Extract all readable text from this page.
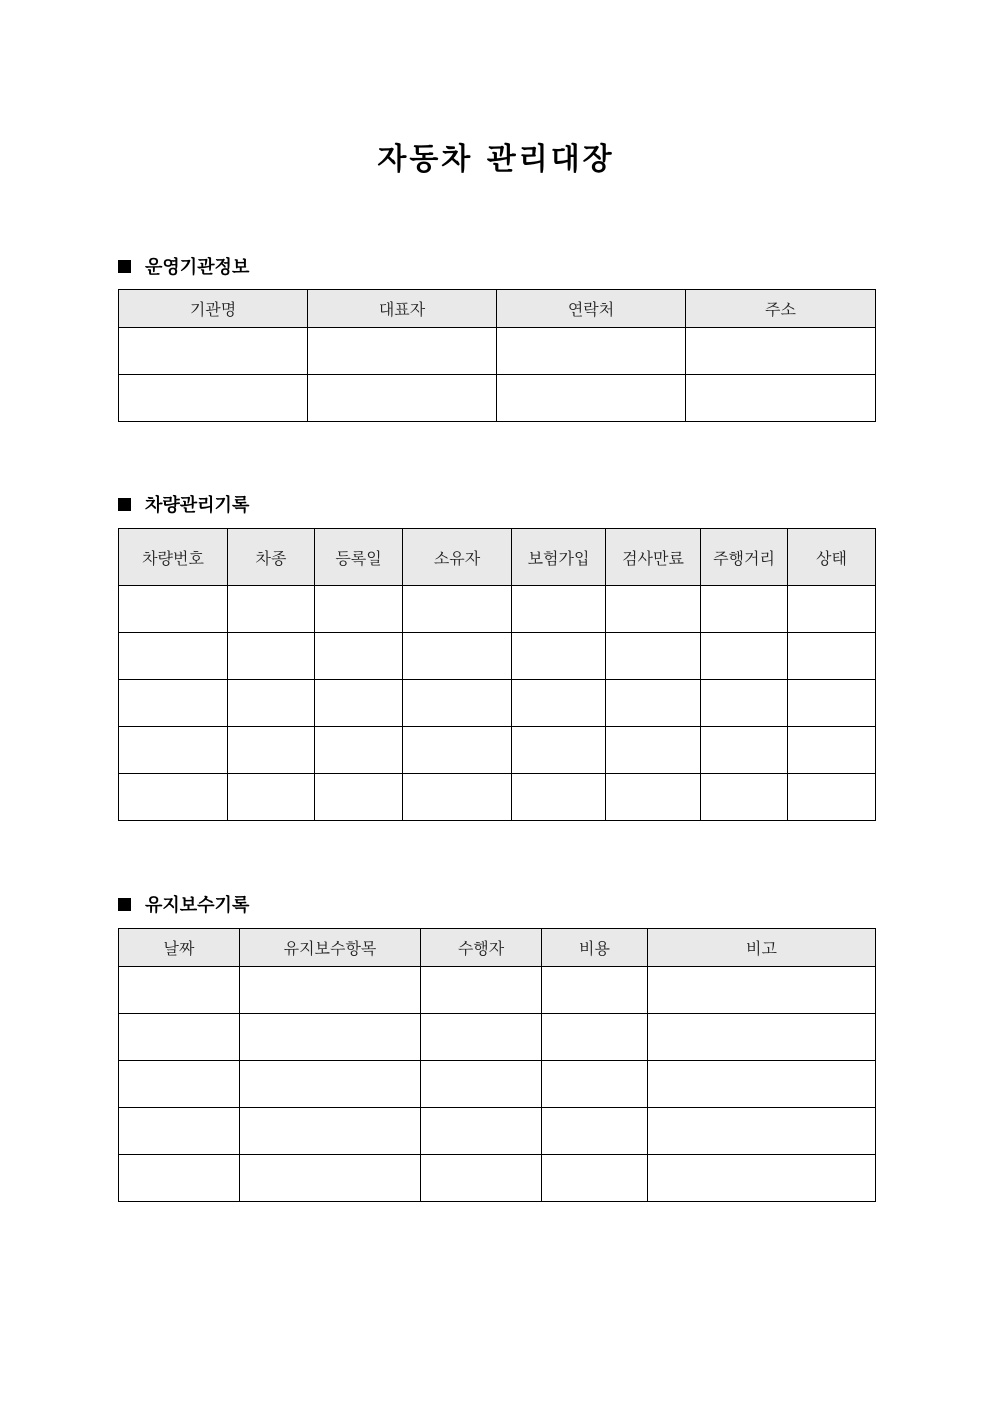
자동차 관리대장
운영기관정보
기관명	대표자	연락처	주소

차량관리기록
차량번호	차종	등록일	소유자	보험가입	검사만료	주행거리	상태

유지보수기록
날짜	유지보수항목	수행자	비용	비고
